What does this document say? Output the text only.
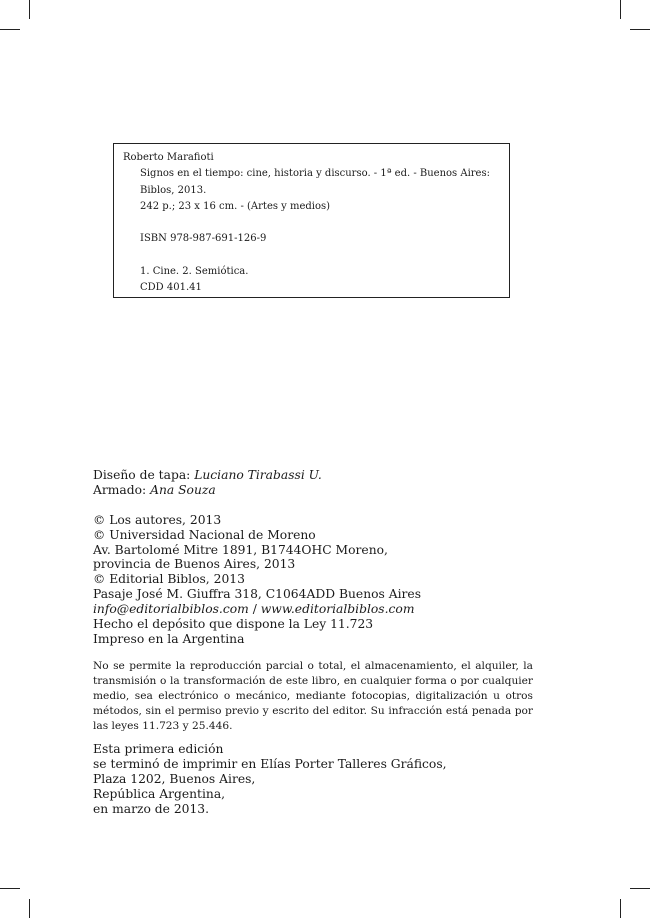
Roberto Marafioti
Signos en el tiempo: cine, historia y discurso. - 1ª ed. - Buenos Aires:
Biblos, 2013.
242 p.; 23 x 16 cm. - (Artes y medios)
ISBN 978-987-691-126-9
1. Cine. 2. Semiótica.
CDD 401.41
Diseño de tapa: Luciano Tirabassi U.
Armado: Ana Souza
© Los autores, 2013
© Universidad Nacional de Moreno
Av. Bartolomé Mitre 1891, B1744OHC Moreno,
provincia de Buenos Aires, 2013
© Editorial Biblos, 2013
Pasaje José M. Giuffra 318, C1064ADD Buenos Aires
info@editorialbiblos.com / www.editorialbiblos.com
Hecho el depósito que dispone la Ley 11.723
Impreso en la Argentina
No se permite la reproducción parcial o total, el almacenamiento, el alquiler, la transmisión o la transformación de este libro, en cualquier forma o por cualquier medio, sea electrónico o mecánico, mediante fotocopias, digitalización u otros métodos, sin el permiso previo y escrito del editor. Su infracción está penada por las leyes 11.723 y 25.446.
Esta primera edición
se terminó de imprimir en Elías Porter Talleres Gráficos,
Plaza 1202, Buenos Aires,
República Argentina,
en marzo de 2013.
